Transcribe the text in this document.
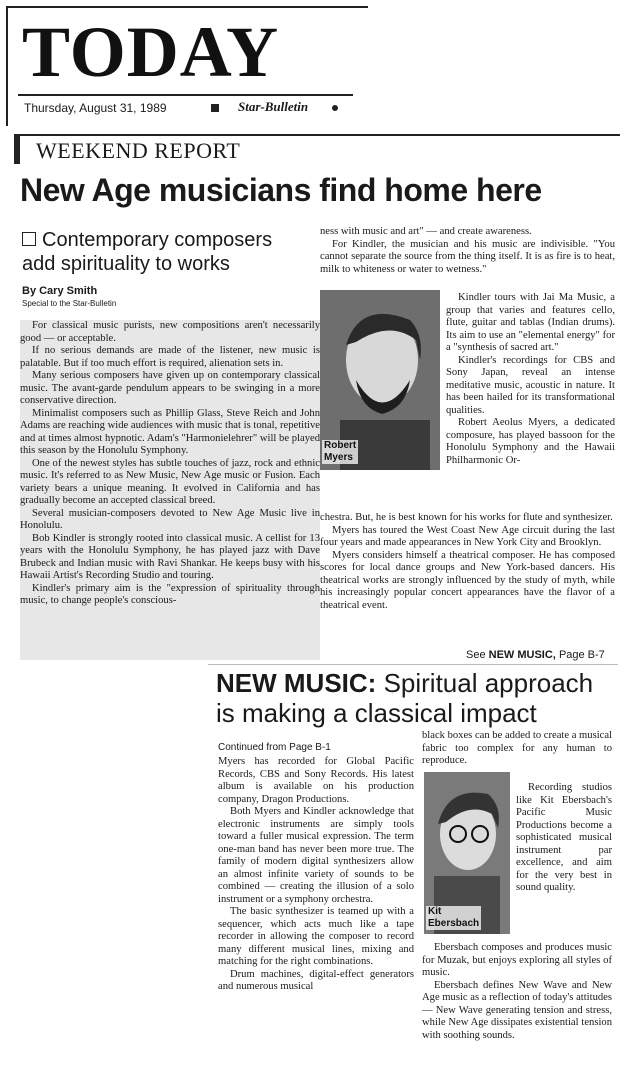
TODAY
Thursday, August 31, 1989	Star-Bulletin
WEEKEND REPORT
New Age musicians find home here
Contemporary composers
add spirituality to works
By Cary Smith
Special to the Star-Bulletin

For classical music purists, new compositions aren't necessarily good — or acceptable.

If no serious demands are made of the listener, new music is palatable. But if too much effort is required, alienation sets in.

Many serious composers have given up on contemporary classical music. The avant-garde pendulum appears to be swinging in a more conservative direction.

Minimalist composers such as Phillip Glass, Steve Reich and John Adams are reaching wide audiences with music that is tonal, repetitive and at times almost hypnotic. Adam's "Harmonielehrer" will be played this season by the Honolulu Symphony.

One of the newest styles has subtle touches of jazz, rock and ethnic music. It's referred to as New Music, New Age music or Fusion. Each variety bears a unique meaning. It evolved in California and has gradually become an accepted classical breed.

Several musician-composers devoted to New Age Music live in Honolulu.

Bob Kindler is strongly rooted into classical music. A cellist for 13 years with the Honolulu Symphony, he has played jazz with Dave Brubeck and Indian music with Ravi Shankar. He keeps busy with his Hawaii Artist's Recording Studio and touring.

Kindler's primary aim is the "expression of spirituality through music, to change people's conscious-

ness with music and art" — and create awareness.

For Kindler, the musician and his music are indivisible. "You cannot separate the source from the thing itself. It is as fire is to heat, milk to whiteness or water to wetness."

Robert
Myers

Kindler tours with Jai Ma Music, a group that varies and features cello, flute, guitar and tablas (Indian drums). Its aim to use an "elemental energy" for a "synthesis of sacred art."

Kindler's recordings for CBS and Sony Japan, reveal an intense meditative music, acoustic in nature. It has been hailed for its transformational qualities.

Robert Aeolus Myers, a dedicated composure, has played bassoon for the Honolulu Symphony and the Hawaii Philharmonic Or-

chestra. But, he is best known for his works for flute and synthesizer.

Myers has toured the West Coast New Age circuit during the last four years and made appearances in New York City and Brooklyn.

Myers considers himself a theatrical composer. He has composed scores for local dance groups and New York-based dancers. His theatrical works are strongly influenced by the study of myth, while his increasingly popular concert appearances have the flavor of a theatrical event.

See NEW MUSIC, Page B-7
NEW MUSIC: Spiritual approach
is making a classical impact
Continued from Page B-1

Myers has recorded for Global Pacific Records, CBS and Sony Records. His latest album is available on his production company, Dragon Productions.

Both Myers and Kindler acknowledge that electronic instruments are simply tools toward a fuller musical expression. The term one-man band has never been more true. The family of modern digital synthesizers allow an almost infinite variety of sounds to be combined — creating the illusion of a solo instrument or a symphony orchestra.

The basic synthesizer is teamed up with a sequencer, which acts much like a tape recorder in allowing the composer to record many different musical lines, mixing and matching for the right combinations.

Drum machines, digital-effect generators and numerous musical

black boxes can be added to create a musical fabric too complex for any human to reproduce.

Kit
Ebersbach

Recording studios like Kit Ebersbach's Pacific Music Productions become a sophisticated musical instrument par excellence, and aim for the very best in sound quality.

Ebersbach composes and produces music for Muzak, but enjoys exploring all styles of music.

Ebersbach defines New Wave and New Age music as a reflection of today's attitudes — New Wave generating tension and stress, while New Age dissipates existential tension with soothing sounds.
